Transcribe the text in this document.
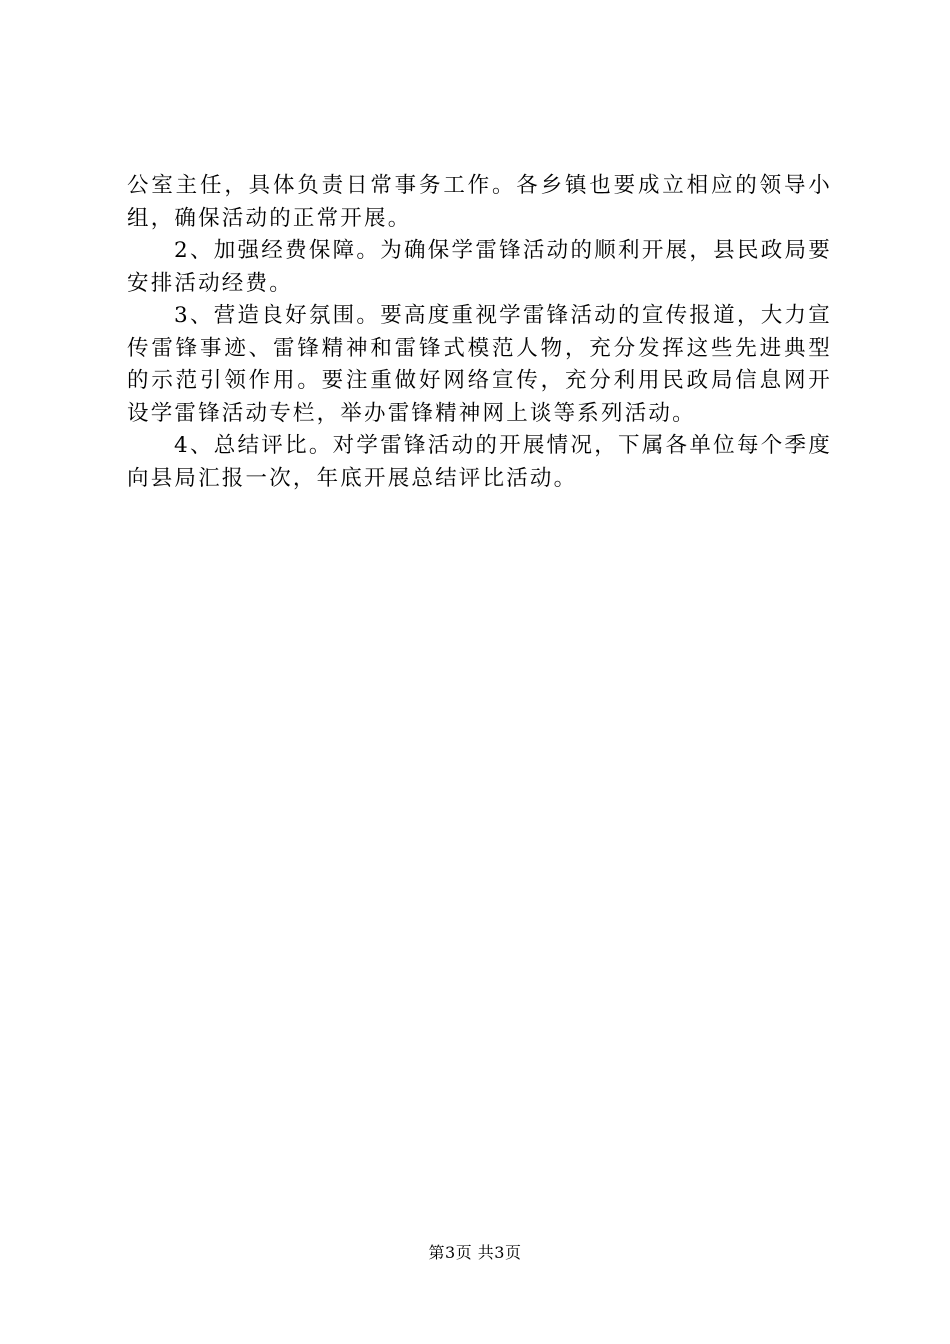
公室主任，具体负责日常事务工作。各乡镇也要成立相应的领导小组，确保活动的正常开展。

2、加强经费保障。为确保学雷锋活动的顺利开展，县民政局要安排活动经费。

3、营造良好氛围。要高度重视学雷锋活动的宣传报道，大力宣传雷锋事迹、雷锋精神和雷锋式模范人物，充分发挥这些先进典型的示范引领作用。要注重做好网络宣传，充分利用民政局信息网开设学雷锋活动专栏，举办雷锋精神网上谈等系列活动。

4、总结评比。对学雷锋活动的开展情况，下属各单位每个季度向县局汇报一次，年底开展总结评比活动。

第3页 共3页
